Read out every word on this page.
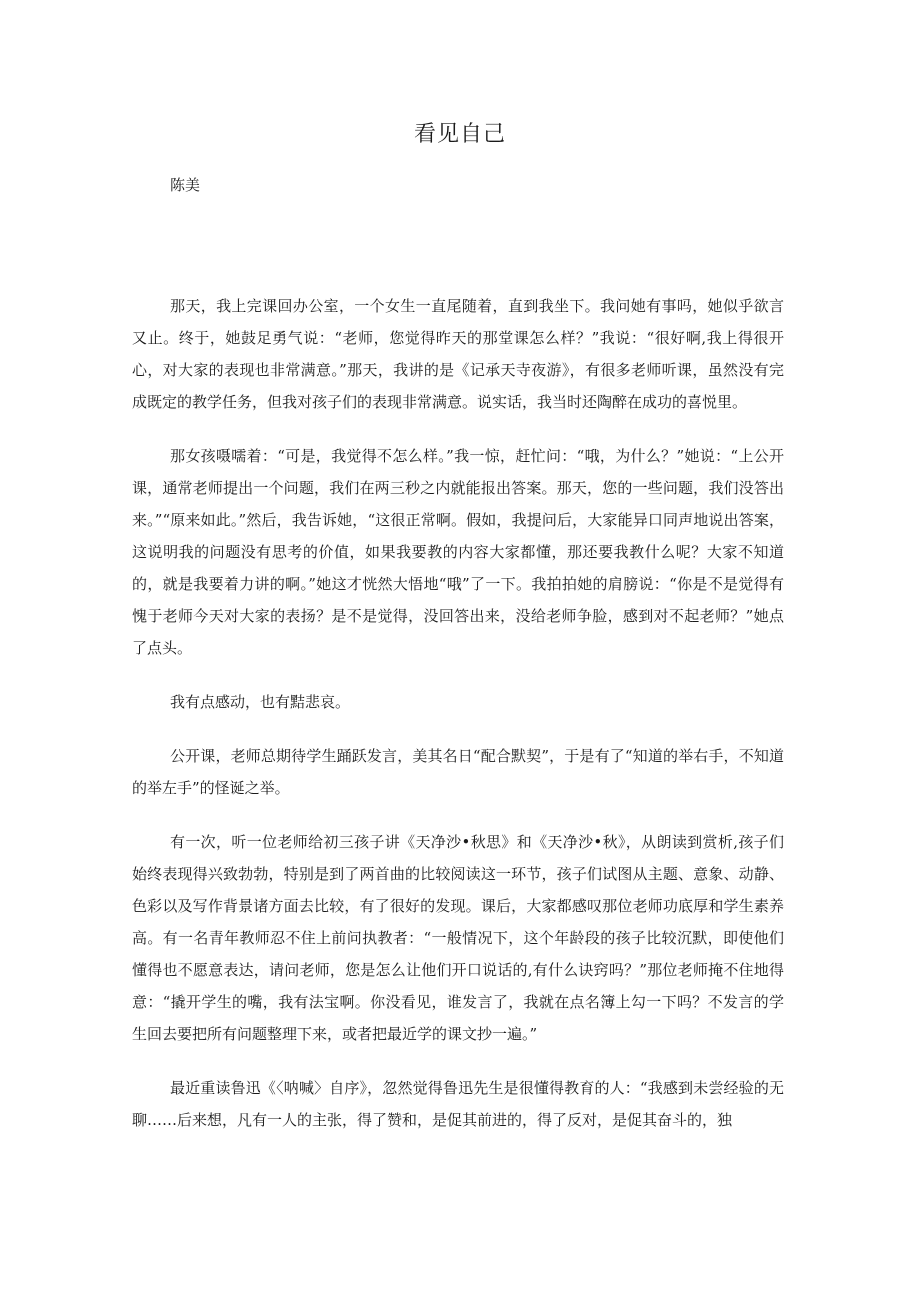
看见自己

陈美

那天，我上完课回办公室，一个女生一直尾随着，直到我坐下。我问她有事吗，她似乎欲言又止。终于，她鼓足勇气说：“老师，您觉得昨天的那堂课怎么样？”我说：“很好啊,我上得很开心，对大家的表现也非常满意。”那天，我讲的是《记承天寺夜游》，有很多老师听课，虽然没有完成既定的教学任务，但我对孩子们的表现非常满意。说实话，我当时还陶醉在成功的喜悦里。

那女孩嗫嚅着：“可是，我觉得不怎么样。”我一惊，赶忙问：“哦，为什么？”她说：“上公开课，通常老师提出一个问题，我们在两三秒之内就能报出答案。那天，您的一些问题，我们没答出来。”“原来如此。”然后，我告诉她，“这很正常啊。假如，我提问后，大家能异口同声地说出答案，这说明我的问题没有思考的价值，如果我要教的内容大家都懂，那还要我教什么呢？大家不知道的，就是我要着力讲的啊。”她这才恍然大悟地“哦”了一下。我拍拍她的肩膀说：“你是不是觉得有愧于老师今天对大家的表扬？是不是觉得，没回答出来，没给老师争脸，感到对不起老师？”她点了点头。

我有点感动，也有黠悲哀。

公开课，老师总期待学生踊跃发言，美其名日“配合默契”，于是有了“知道的举右手，不知道的举左手”的怪诞之举。

有一次，听一位老师给初三孩子讲《天净沙•秋思》和《天净沙•秋》，从朗读到赏析,孩子们始终表现得兴致勃勃，特别是到了两首曲的比较阅读这一环节，孩子们试图从主题、意象、动静、色彩以及写作背景诸方面去比较，有了很好的发现。课后，大家都感叹那位老师功底厚和学生素养高。有一名青年教师忍不住上前问执教者：“一般情况下，这个年龄段的孩子比较沉默，即使他们懂得也不愿意表达，请问老师，您是怎么让他们开口说话的,有什么诀窍吗？”那位老师掩不住地得意：“撬开学生的嘴，我有法宝啊。你没看见，谁发言了，我就在点名簿上勾一下吗？不发言的学生回去要把所有问题整理下来，或者把最近学的课文抄一遍。”

最近重读鲁迅《〈呐喊〉自序》，忽然觉得鲁迅先生是很懂得教育的人：“我感到未尝经验的无聊……后来想，凡有一人的主张，得了赞和，是促其前进的，得了反对，是促其奋斗的，独
